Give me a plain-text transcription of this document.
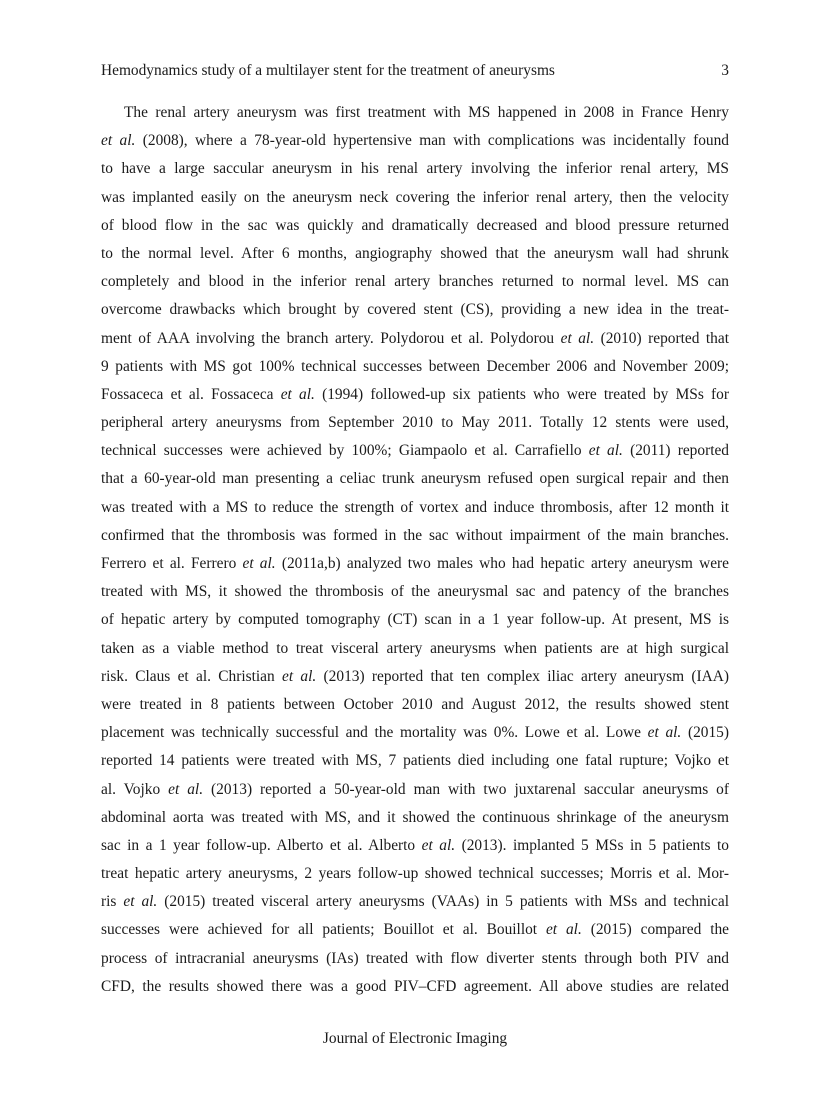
Hemodynamics study of a multilayer stent for the treatment of aneurysms	3
The renal artery aneurysm was first treatment with MS happened in 2008 in France Henry
et al. (2008), where a 78-year-old hypertensive man with complications was incidentally found
to have a large saccular aneurysm in his renal artery involving the inferior renal artery, MS
was implanted easily on the aneurysm neck covering the inferior renal artery, then the velocity
of blood flow in the sac was quickly and dramatically decreased and blood pressure returned
to the normal level. After 6 months, angiography showed that the aneurysm wall had shrunk
completely and blood in the inferior renal artery branches returned to normal level. MS can
overcome drawbacks which brought by covered stent (CS), providing a new idea in the treat-
ment of AAA involving the branch artery. Polydorou et al. Polydorou et al. (2010) reported that
9 patients with MS got 100% technical successes between December 2006 and November 2009;
Fossaceca et al. Fossaceca et al. (1994) followed-up six patients who were treated by MSs for
peripheral artery aneurysms from September 2010 to May 2011. Totally 12 stents were used,
technical successes were achieved by 100%; Giampaolo et al. Carrafiello et al. (2011) reported
that a 60-year-old man presenting a celiac trunk aneurysm refused open surgical repair and then
was treated with a MS to reduce the strength of vortex and induce thrombosis, after 12 month it
confirmed that the thrombosis was formed in the sac without impairment of the main branches.
Ferrero et al. Ferrero et al. (2011a,b) analyzed two males who had hepatic artery aneurysm were
treated with MS, it showed the thrombosis of the aneurysmal sac and patency of the branches
of hepatic artery by computed tomography (CT) scan in a 1 year follow-up. At present, MS is
taken as a viable method to treat visceral artery aneurysms when patients are at high surgical
risk. Claus et al. Christian et al. (2013) reported that ten complex iliac artery aneurysm (IAA)
were treated in 8 patients between October 2010 and August 2012, the results showed stent
placement was technically successful and the mortality was 0%. Lowe et al. Lowe et al. (2015)
reported 14 patients were treated with MS, 7 patients died including one fatal rupture; Vojko et
al. Vojko et al. (2013) reported a 50-year-old man with two juxtarenal saccular aneurysms of
abdominal aorta was treated with MS, and it showed the continuous shrinkage of the aneurysm
sac in a 1 year follow-up. Alberto et al. Alberto et al. (2013). implanted 5 MSs in 5 patients to
treat hepatic artery aneurysms, 2 years follow-up showed technical successes; Morris et al. Mor-
ris et al. (2015) treated visceral artery aneurysms (VAAs) in 5 patients with MSs and technical
successes were achieved for all patients; Bouillot et al. Bouillot et al. (2015) compared the
process of intracranial aneurysms (IAs) treated with flow diverter stents through both PIV and
CFD, the results showed there was a good PIV–CFD agreement. All above studies are related
Journal of Electronic Imaging
